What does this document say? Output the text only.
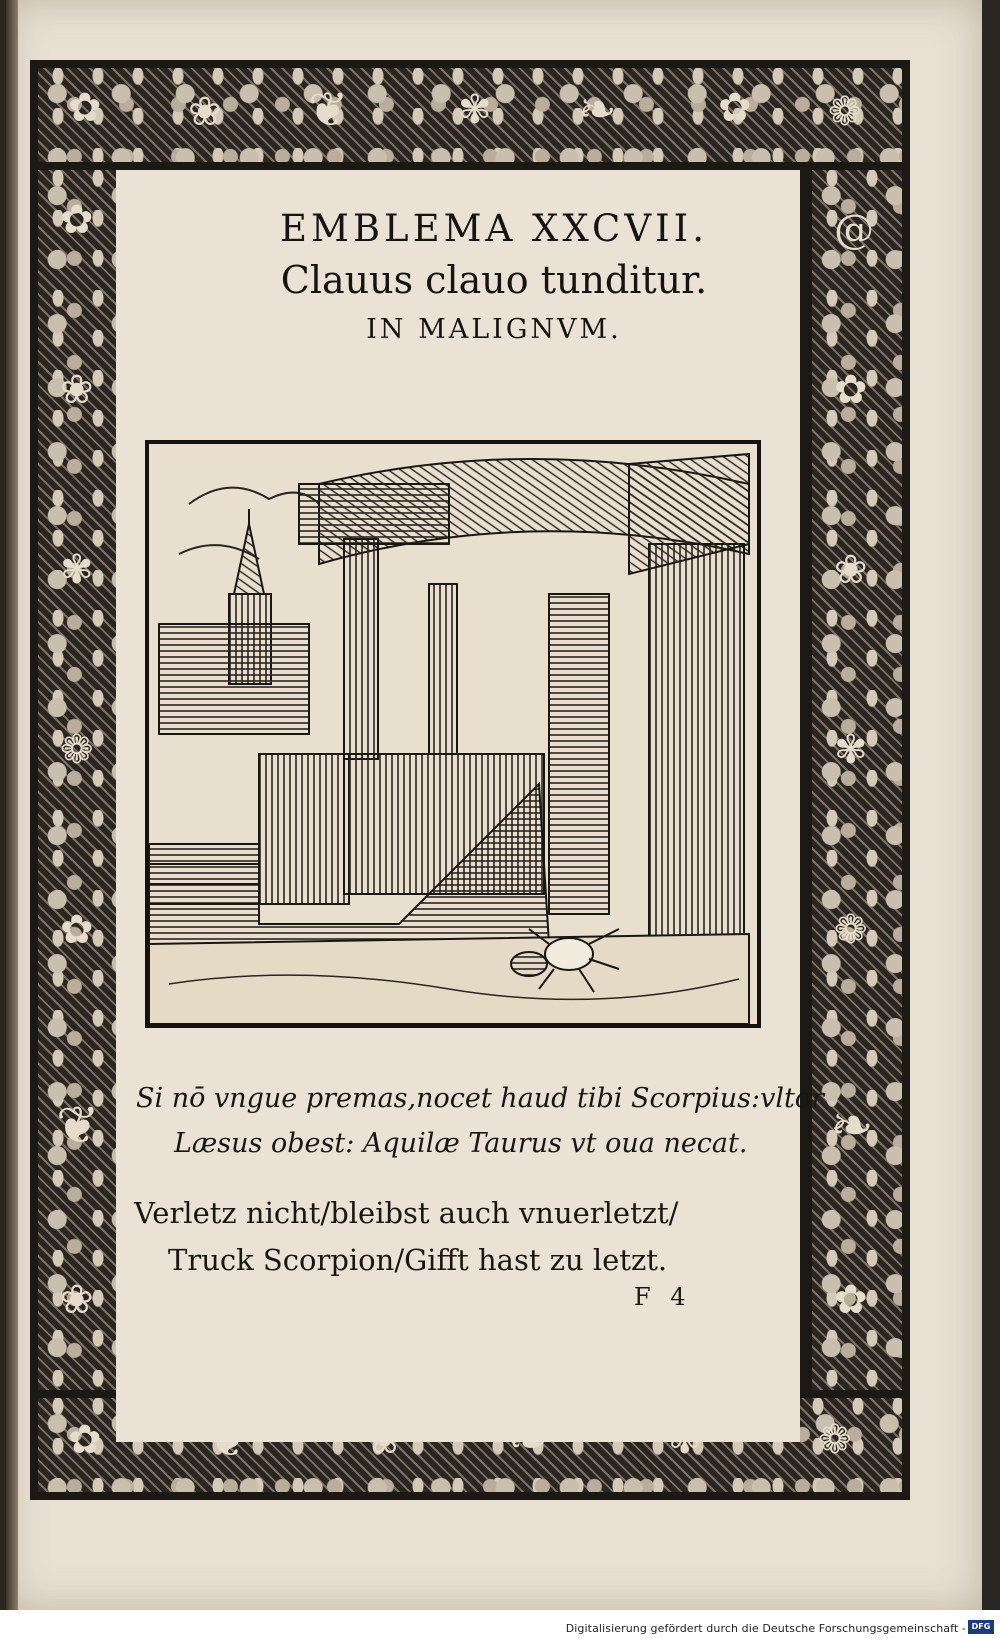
✿ ❀ ❦	✾ ❧	✿ ❁
✿
❀
✾
❁
✿
❦
❀
@
✿
❀
✾
❁
❧
✿
✿	❁
EMBLEMA XXCVII.
Clauus clauo tunditur.
IN MALIGNVM.
Si nō vngue premas,nocet haud tibi Scorpius:vltor
Læsus obest: Aquilæ Taurus vt oua necat.
Verletz nicht/bleibst auch vnuerletzt/
Truck Scorpion/Gifft hast zu letzt.
F 4
Digitalisierung gefördert durch die Deutsche Forschungsgemeinschaft - DFG
